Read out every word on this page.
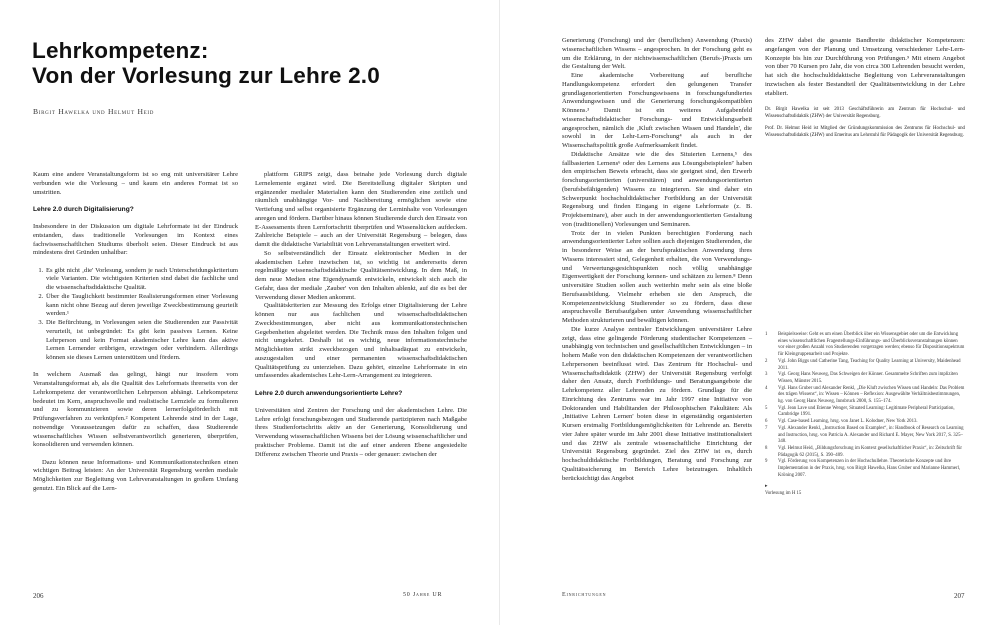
Lehrkompetenz:
Von der Vorlesung zur Lehre 2.0
Birgit Hawelka und Helmut Heid

Kaum eine andere Veranstaltungsform ist so eng mit universitärer Lehre verbunden wie die Vorlesung – und kaum ein anderes Format ist so umstritten.

Lehre 2.0 durch Digitalisierung?

Insbesondere in der Diskussion um digitale Lehrformate ist der Eindruck entstanden, dass traditionelle Vorlesungen im Kontext eines fachwissenschaftlichen Studiums überholt seien. Dieser Eindruck ist aus mindestens drei Gründen unhaltbar:

1. Es gibt nicht ‚die' Vorlesung, sondern je nach Unterscheidungskriterium viele Varianten. Die wichtigsten Kriterien sind dabei die fachliche und die wissenschaftsdidaktische Qualität.
2. Über die Tauglichkeit bestimmter Realisierungsformen einer Vorlesung kann nicht ohne Bezug auf deren jeweilige Zweckbestimmung geurteilt werden.¹
3. Die Befürchtung, in Vorlesungen seien die Studierenden zur Passivität verurteilt, ist unbegründet: Es gibt kein passives Lernen. Keine Lehrperson und kein Format akademischer Lehre kann das aktive Lernen Lernender erübrigen, erzwingen oder verhindern. Allerdings können sie dieses Lernen unterstützen und fördern.

In welchem Ausmaß das gelingt, hängt nur insofern vom Veranstaltungsformat ab, als die Qualität des Lehrformats ihrerseits von der Lehrkompetenz der verantwortlichen Lehrperson abhängt. Lehrkompetenz bedeutet im Kern, anspruchsvolle und realistische Lernziele zu formulieren und zu kommunizieren sowie deren lernerfolgsförderlich mit Prüfungsverfahren zu verknüpfen.² Kompetent Lehrende sind in der Lage, notwendige Voraussetzungen dafür zu schaffen, dass Studierende wissenschaftliches Wissen selbstverantwortlich generieren, überprüfen, konsolidieren und verwenden können.

Dazu können neue Informations- und Kommunikationstechniken einen wichtigen Beitrag leisten: An der Universität Regensburg werden mediale Möglichkeiten zur Begleitung von Lehrveranstaltungen in großem Umfang genutzt. Ein Blick auf die Lern-

plattform GRIPS zeigt, dass beinahe jede Vorlesung durch digitale Lernelemente ergänzt wird. Die Bereitstellung digitaler Skripten und ergänzender medialer Materialien kann den Studierenden eine zeitlich und räumlich unabhängige Vor- und Nachbereitung ermöglichen sowie eine Vertiefung und selbst organisierte Ergänzung der Lerninhalte von Vorlesungen anregen und fördern. Darüber hinaus können Studierende durch den Einsatz von E-Assessments ihren Lernfortschritt überprüfen und Wissenslücken aufdecken. Zahlreiche Beispiele – auch an der Universität Regensburg – belegen, dass damit die didaktische Variabilität von Lehrveranstaltungen erweitert wird.

So selbstverständlich der Einsatz elektronischer Medien in der akademischen Lehre inzwischen ist, so wichtig ist andererseits deren regelmäßige wissenschaftsdidaktische Qualitätsentwicklung. In dem Maß, in dem neue Medien eine Eigendynamik entwickeln, entwickelt sich auch die Gefahr, dass der mediale ‚Zauber' von den Inhalten ablenkt, auf die es bei der Verwendung dieser Medien ankommt.

Qualitätskriterien zur Messung des Erfolgs einer Digitalisierung der Lehre können nur aus fachlichen und wissenschaftsdidaktischen Zweckbestimmungen, aber nicht aus kommunikationstechnischen Gegebenheiten abgeleitet werden. Die Technik muss den Inhalten folgen und nicht umgekehrt. Deshalb ist es wichtig, neue informationstechnische Möglichkeiten strikt zweckbezogen und inhaltsadäquat zu entwickeln, auszugestalten und einer permanenten wissenschaftsdidaktischen Qualitätsprüfung zu unterziehen. Dazu gehört, einzelne Lehrformate in ein umfassendes akademisches Lehr-Lern-Arrangement zu integrieren.

Lehre 2.0 durch anwendungsorientierte Lehre?

Universitäten sind Zentren der Forschung und der akademischen Lehre. Die Lehre erfolgt forschungsbezogen und Studierende partizipieren nach Maßgabe ihres Studienfortschritts aktiv an der Generierung, Konsolidierung und Verwendung wissenschaftlichen Wissens bei der Lösung wissenschaftlicher und praktischer Probleme. Damit ist die auf einer anderen Ebene angesiedelte Differenz zwischen Theorie und Praxis – oder genauer: zwischen der

206	50 Jahre UR

Generierung (Forschung) und der (beruflichen) Anwendung (Praxis) wissenschaftlichen Wissens – angesprochen. In der Forschung geht es um die Erklärung, in der nichtwissenschaftlichen (Berufs-)Praxis um die Gestaltung der Welt.

Eine akademische Vorbereitung auf berufliche Handlungskompetenz erfordert den gelungenen Transfer grundlagenorientierten Forschungswissens in forschungsfundiertes Anwendungswissen und die Generierung forschungskompatiblen Könnens.³ Damit ist ein weiteres Aufgabenfeld wissenschaftsdidaktischer Forschungs- und Entwicklungsarbeit angesprochen, nämlich die ‚Kluft zwischen Wissen und Handeln', die sowohl in der Lehr-Lern-Forschung⁴ als auch in der Wissenschaftspolitik große Aufmerksamkeit findet.

Didaktische Ansätze wie die des Situierten Lernens,⁵ des fallbasierten Lernens⁶ oder des Lernens aus Lösungsbeispielen⁷ haben den empirischen Beweis erbracht, dass sie geeignet sind, den Erwerb forschungsorientierten (universitären) und anwendungsorientierten (berufsbefähigenden) Wissens zu integrieren. Sie sind daher ein Schwerpunkt hochschuldidaktischer Fortbildung an der Universität Regensburg und finden Eingang in eigene Lehrformate (z. B. Projektseminare), aber auch in der anwendungsorientierten Gestaltung von (traditionellen) Vorlesungen und Seminaren.

Trotz der in vielen Punkten berechtigten Forderung nach anwendungsorientierter Lehre sollten auch diejenigen Studierenden, die in besonderer Weise an der berufspraktischen Anwendung ihres Wissens interessiert sind, Gelegenheit erhalten, die von Verwendungs- und Verwertungsgesichtspunkten noch völlig unabhängige Eigenwertigkeit der Forschung kennen- und schätzen zu lernen.⁸ Denn universitäre Studien sollen auch weiterhin mehr sein als eine bloße Berufsausbildung. Vielmehr erheben sie den Anspruch, die Kompetenzentwicklung Studierender so zu fördern, dass diese anspruchsvolle Berufsaufgaben unter Anwendung wissenschaftlicher Methoden strukturieren und bewältigen können.

Die kurze Analyse zentraler Entwicklungen universitärer Lehre zeigt, dass eine gelingende Förderung studentischer Kompetenzen – unabhängig von technischen und gesellschaftlichen Entwicklungen – in hohem Maße von den didaktischen Kompetenzen der verantwortlichen Lehrpersonen beeinflusst wird. Das Zentrum für Hochschul- und Wissenschaftsdidaktik (ZHW) der Universität Regensburg verfolgt daher den Ansatz, durch Fortbildungs- und Beratungsangebote die Lehrkompetenz aller Lehrenden zu fördern. Grundlage für die Einrichtung des Zentrums war im Jahr 1997 eine Initiative von Doktoranden und Habilitanden der Philosophischen Fakultäten: Als ‚Initiative Lehren Lernen' boten diese in eigenständig organisierten Kursen erstmalig Fortbildungsmöglichkeiten für Lehrende an. Bereits vier Jahre später wurde im Jahr 2001 diese Initiative institutionalisiert und das ZHW als zentrale wissenschaftliche Einrichtung der Universität Regensburg gegründet. Ziel des ZHW ist es, durch hochschuldidaktische Fortbildungen, Beratung und Forschung zur Qualitätssicherung im Bereich Lehre beizutragen. Inhaltlich berücksichtigt das Angebot

des ZHW dabei die gesamte Bandbreite didaktischer Kompetenzen: angefangen von der Planung und Umsetzung verschiedener Lehr-Lern-Konzepte bis hin zur Durchführung von Prüfungen.⁹ Mit einem Angebot von über 70 Kursen pro Jahr, die von circa 300 Lehrenden besucht werden, hat sich die hochschuldidaktische Begleitung von Lehrveranstaltungen inzwischen als fester Bestandteil der Qualitätsentwicklung in der Lehre etabliert.

Dr. Birgit Hawelka ist seit 2013 Geschäftsführerin am Zentrum für Hochschul- und Wissenschaftsdidaktik (ZHW) der Universität Regensburg.

Prof. Dr. Helmut Heid ist Mitglied der Gründungskommission des Zentrums für Hochschul- und Wissenschaftsdidaktik (ZHW) und Emeritus am Lehrstuhl für Pädagogik der Universität Regensburg.

1 Beispielsweise: Geht es um einen Überblick über ein Wissensgebiet oder um die Entwicklung eines wissenschaftlichen Fragestellungs-Einführungs- und Überblicksveranstaltungen können vor einer großen Anzahl von Studierenden vorgetragen werden; ebenso für Dispositionsspektrum für Kleingruppenarbeit und Projekte.
2 Vgl. John Biggs und Catherine Tang, Teaching for Quality Learning at University, Maidenhead 2011.
3 Vgl. Georg Hans Neuweg, Das Schweigen der Könner. Gesammelte Schriften zum impliziten Wissen, Münster 2015.
4 Vgl. Hans Gruber und Alexander Renkl, „Die Kluft zwischen Wissen und Handeln: Das Problem des trägen Wissens“, in: Wissen – Können – Reflexion: Ausgewählte Verhältnisbestimmungen, hg. von Georg Hans Neuweg, Innsbruck 2000, S. 155–174.
5 Vgl. Jean Lave und Etienne Wenger, Situated Learning: Legitimate Peripheral Participation, Cambridge 1991.
6 Vgl. Case-based Learning, hrsg. von Janet L. Kolodner, New York 2013.
7 Vgl. Alexander Renkl, „Instruction Based on Examples“, in: Handbook of Research on Learning and Instruction, hrsg. von Patricia A. Alexander und Richard E. Mayer, New York 2017, S. 325–348.
8 Vgl. Helmut Heid, „Bildungsforschung im Kontext gesellschaftlicher Praxis“, in: Zeitschrift für Pädagogik 62 (2015), S. 390–409.
9 Vgl. Förderung von Kompetenzen in der Hochschullehre. Theoretische Konzepte und ihre Implementation in der Praxis, hrsg. von Birgit Hawelka, Hans Gruber und Marianne Hammerl, Kröning 2007.
▸
Vorlesung im H 15
Einrichtungen	207
